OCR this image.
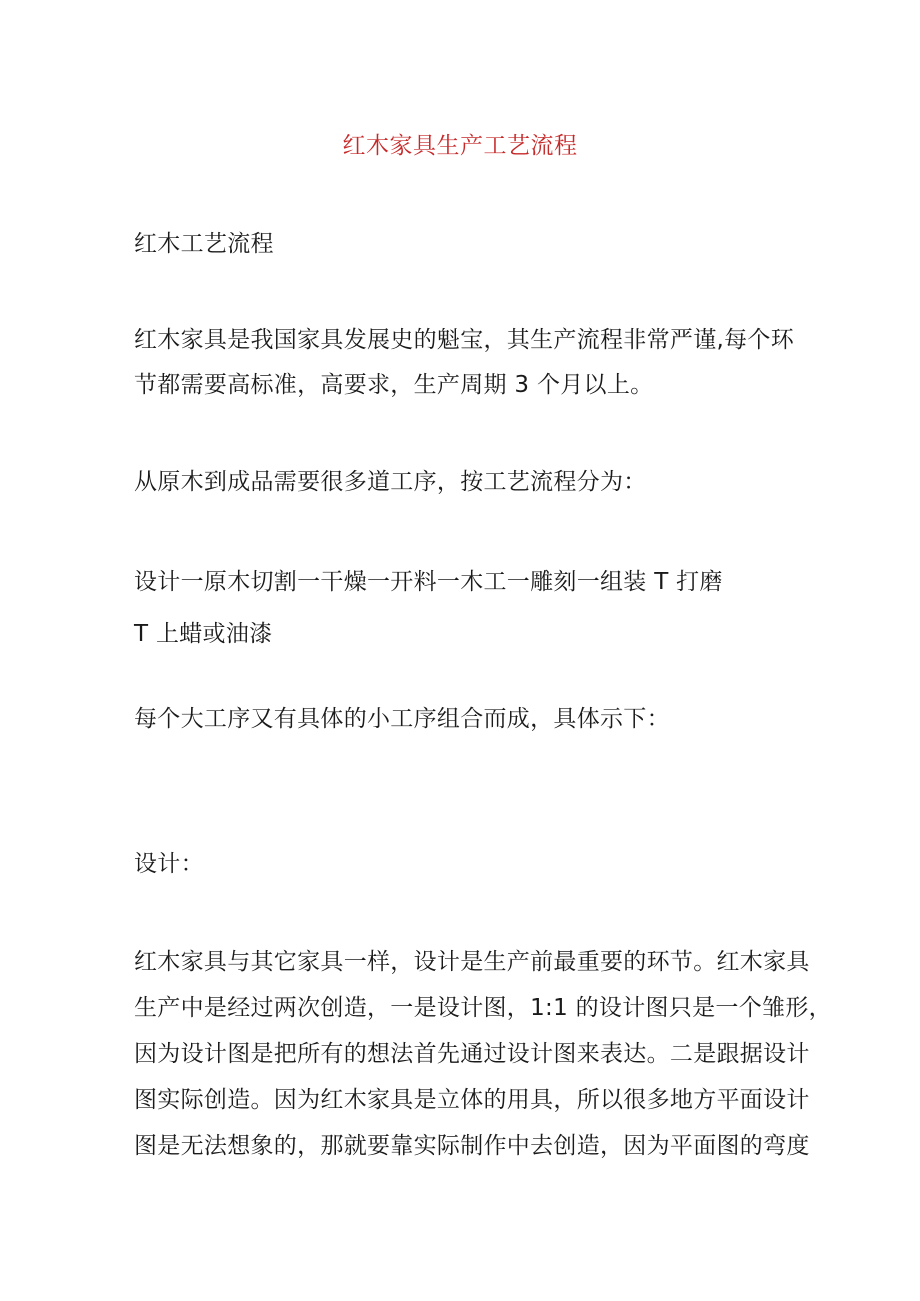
红木家具生产工艺流程

红木工艺流程

红木家具是我国家具发展史的魁宝，其生产流程非常严谨,每个环
节都需要高标准，高要求，生产周期 3 个月以上。

从原木到成品需要很多道工序，按工艺流程分为：

设计一原木切割一干燥一开料一木工一雕刻一组装 T 打磨
T 上蜡或油漆

每个大工序又有具体的小工序组合而成，具体示下：

设计：

红木家具与其它家具一样，设计是生产前最重要的环节。红木家具
生产中是经过两次创造，一是设计图，1:1 的设计图只是一个雏形，
因为设计图是把所有的想法首先通过设计图来表达。二是跟据设计
图实际创造。因为红木家具是立体的用具，所以很多地方平面设计
图是无法想象的，那就要靠实际制作中去创造，因为平面图的弯度
